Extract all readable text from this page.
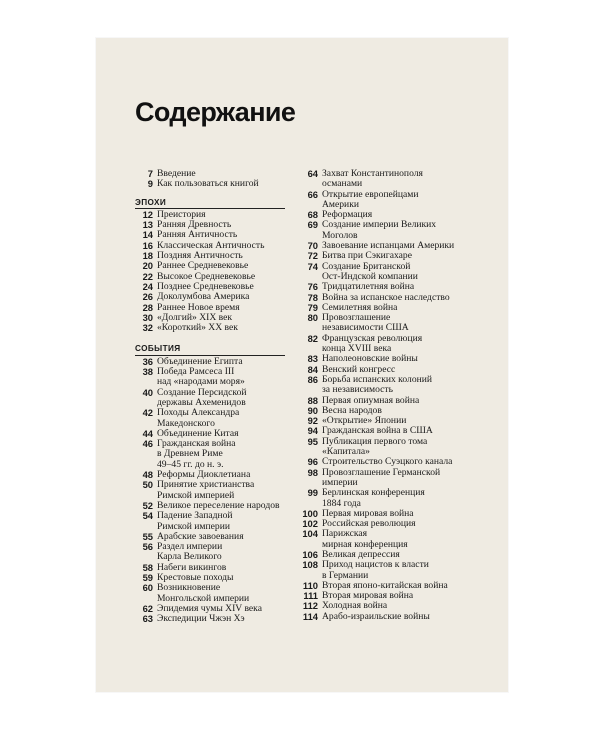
Содержание
7 Введение
9 Как пользоваться книгой
ЭПОХИ
12 Преистория
13 Ранняя Древность
14 Ранняя Античность
16 Классическая Античность
18 Поздняя Античность
20 Раннее Средневековье
22 Высокое Средневековье
24 Позднее Средневековье
26 Доколумбова Америка
28 Раннее Новое время
30 «Долгий» XIX век
32 «Короткий» XX век
СОБЫТИЯ
36 Объединение Египта
38 Победа Рамсеса III
над «народами моря»
40 Создание Персидской
державы Ахеменидов
42 Походы Александра
Македонского
44 Объединение Китая
46 Гражданская война
в Древнем Риме
49–45 гг. до н. э.
48 Реформы Диоклетиана
50 Принятие христианства
Римской империей
52 Великое переселение народов
54 Падение Западной
Римской империи
55 Арабские завоевания
56 Раздел империи
Карла Великого
58 Набеги викингов
59 Крестовые походы
60 Возникновение
Монгольской империи
62 Эпидемия чумы XIV века
63 Экспедиции Чжэн Хэ
64 Захват Константинополя
османами
66 Открытие европейцами
Америки
68 Реформация
69 Создание империи Великих
Моголов
70 Завоевание испанцами Америки
72 Битва при Сэкигахаре
74 Создание Британской
Ост-Индской компании
76 Тридцатилетняя война
78 Война за испанское наследство
79 Семилетняя война
80 Провозглашение
независимости США
82 Французская революция
конца XVIII века
83 Наполеоновские войны
84 Венский конгресс
86 Борьба испанских колоний
за независимость
88 Первая опиумная война
90 Весна народов
92 «Открытие» Японии
94 Гражданская война в США
95 Публикация первого тома
«Капитала»
96 Строительство Суэцкого канала
98 Провозглашение Германской
империи
99 Берлинская конференция
1884 года
100 Первая мировая война
102 Российская революция
104 Парижская
мирная конференция
106 Великая депрессия
108 Приход нацистов к власти
в Германии
110 Вторая японо-китайская война
111 Вторая мировая война
112 Холодная война
114 Арабо-израильские войны
